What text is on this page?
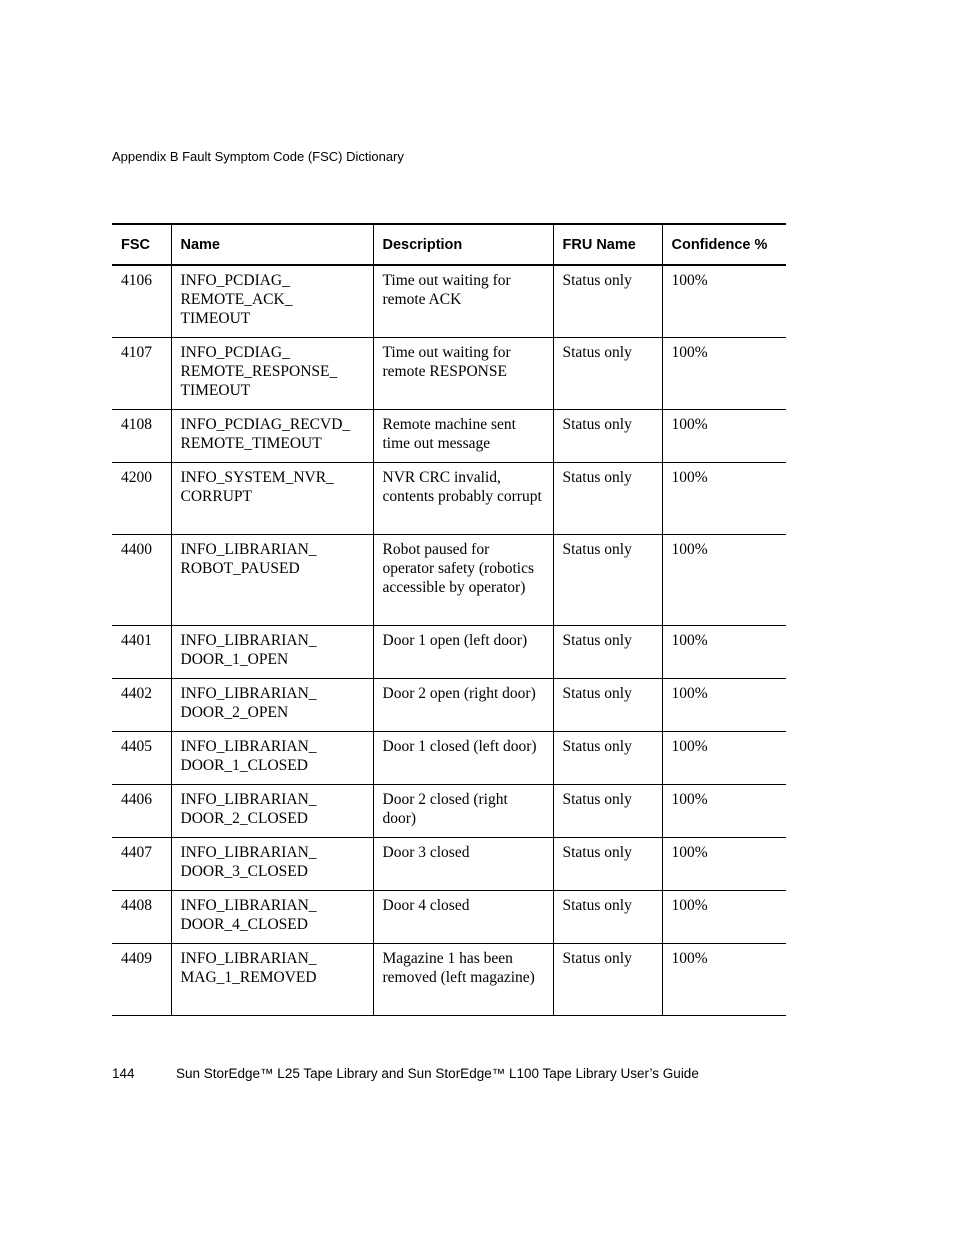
Appendix B Fault Symptom Code (FSC) Dictionary
FSC	Name	Description	FRU Name	Confidence %
4106	INFO_PCDIAG_
REMOTE_ACK_
TIMEOUT	Time out waiting for remote ACK	Status only	100%
4107	INFO_PCDIAG_
REMOTE_RESPONSE_
TIMEOUT	Time out waiting for remote RESPONSE	Status only	100%
4108	INFO_PCDIAG_RECVD_
REMOTE_TIMEOUT	Remote machine sent time out message	Status only	100%
4200	INFO_SYSTEM_NVR_
CORRUPT	NVR CRC invalid, contents probably corrupt	Status only	100%
4400	INFO_LIBRARIAN_
ROBOT_PAUSED	Robot paused for operator safety (robotics accessible by operator)	Status only	100%
4401	INFO_LIBRARIAN_
DOOR_1_OPEN	Door 1 open (left door)	Status only	100%
4402	INFO_LIBRARIAN_
DOOR_2_OPEN	Door 2 open (right door)	Status only	100%
4405	INFO_LIBRARIAN_
DOOR_1_CLOSED	Door 1 closed (left door)	Status only	100%
4406	INFO_LIBRARIAN_
DOOR_2_CLOSED	Door 2 closed (right door)	Status only	100%
4407	INFO_LIBRARIAN_
DOOR_3_CLOSED	Door 3 closed	Status only	100%
4408	INFO_LIBRARIAN_
DOOR_4_CLOSED	Door 4 closed	Status only	100%
4409	INFO_LIBRARIAN_
MAG_1_REMOVED	Magazine 1 has been removed (left magazine)	Status only	100%
144	Sun StorEdge™ L25 Tape Library and Sun StorEdge™ L100 Tape Library User’s Guide
